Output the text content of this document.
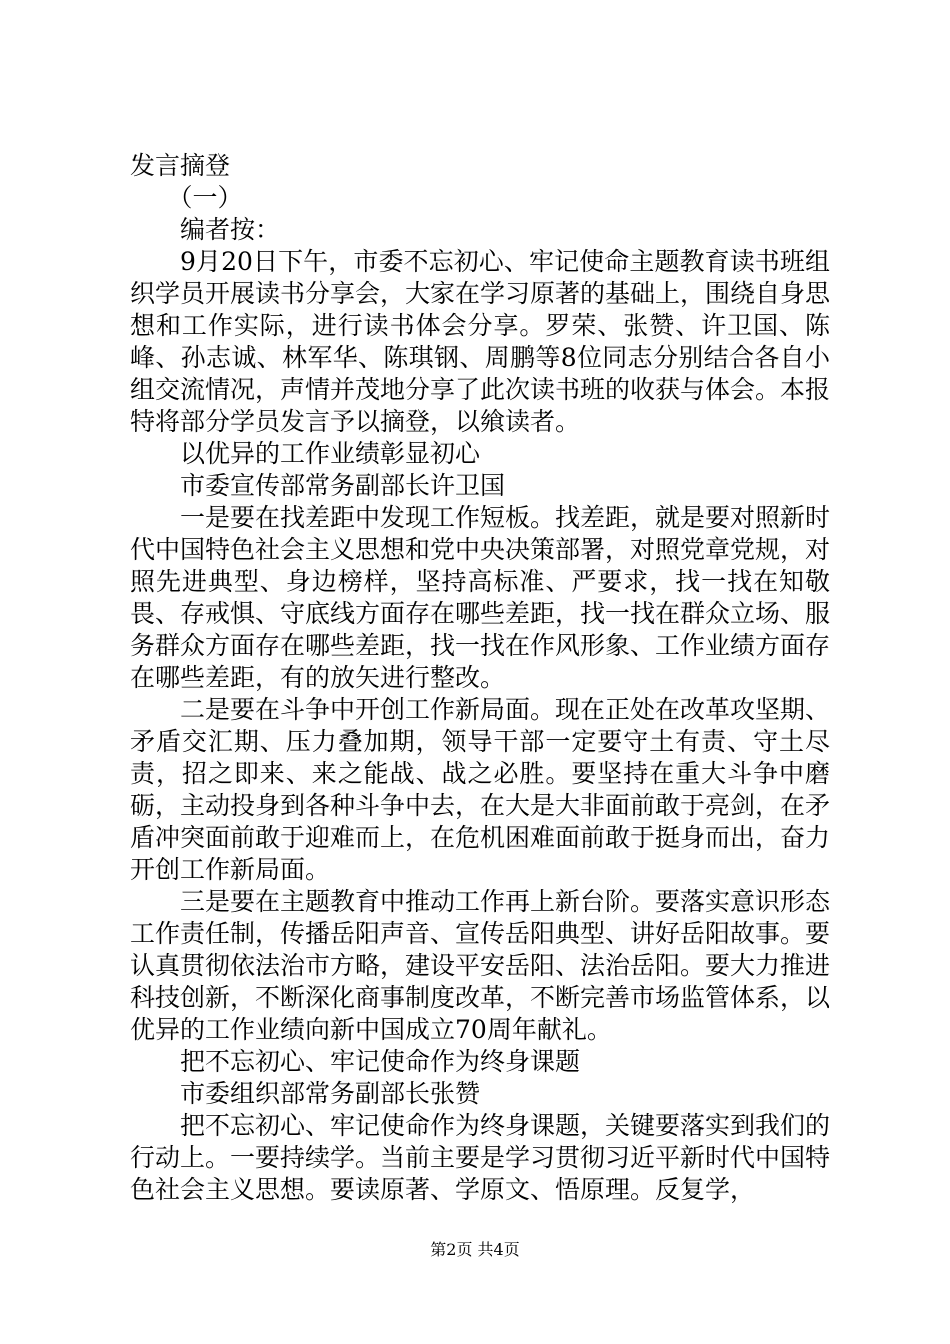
发言摘登

（一）

编者按：

9月20日下午，市委不忘初心、牢记使命主题教育读书班组织学员开展读书分享会，大家在学习原著的基础上，围绕自身思想和工作实际，进行读书体会分享。罗荣、张赞、许卫国、陈峰、孙志诚、林军华、陈琪钢、周鹏等8位同志分别结合各自小组交流情况，声情并茂地分享了此次读书班的收获与体会。本报特将部分学员发言予以摘登，以飨读者。

以优异的工作业绩彰显初心

市委宣传部常务副部长许卫国

一是要在找差距中发现工作短板。找差距，就是要对照新时代中国特色社会主义思想和党中央决策部署，对照党章党规，对照先进典型、身边榜样，坚持高标准、严要求，找一找在知敬畏、存戒惧、守底线方面存在哪些差距，找一找在群众立场、服务群众方面存在哪些差距，找一找在作风形象、工作业绩方面存在哪些差距，有的放矢进行整改。

二是要在斗争中开创工作新局面。现在正处在改革攻坚期、矛盾交汇期、压力叠加期，领导干部一定要守土有责、守土尽责，招之即来、来之能战、战之必胜。要坚持在重大斗争中磨砺，主动投身到各种斗争中去，在大是大非面前敢于亮剑，在矛盾冲突面前敢于迎难而上，在危机困难面前敢于挺身而出，奋力开创工作新局面。

三是要在主题教育中推动工作再上新台阶。要落实意识形态工作责任制，传播岳阳声音、宣传岳阳典型、讲好岳阳故事。要认真贯彻依法治市方略，建设平安岳阳、法治岳阳。要大力推进科技创新，不断深化商事制度改革，不断完善市场监管体系，以优异的工作业绩向新中国成立70周年献礼。

把不忘初心、牢记使命作为终身课题

市委组织部常务副部长张赞

把不忘初心、牢记使命作为终身课题，关键要落实到我们的行动上。一要持续学。当前主要是学习贯彻习近平新时代中国特色社会主义思想。要读原著、学原文、悟原理。反复学，

第2页 共4页
